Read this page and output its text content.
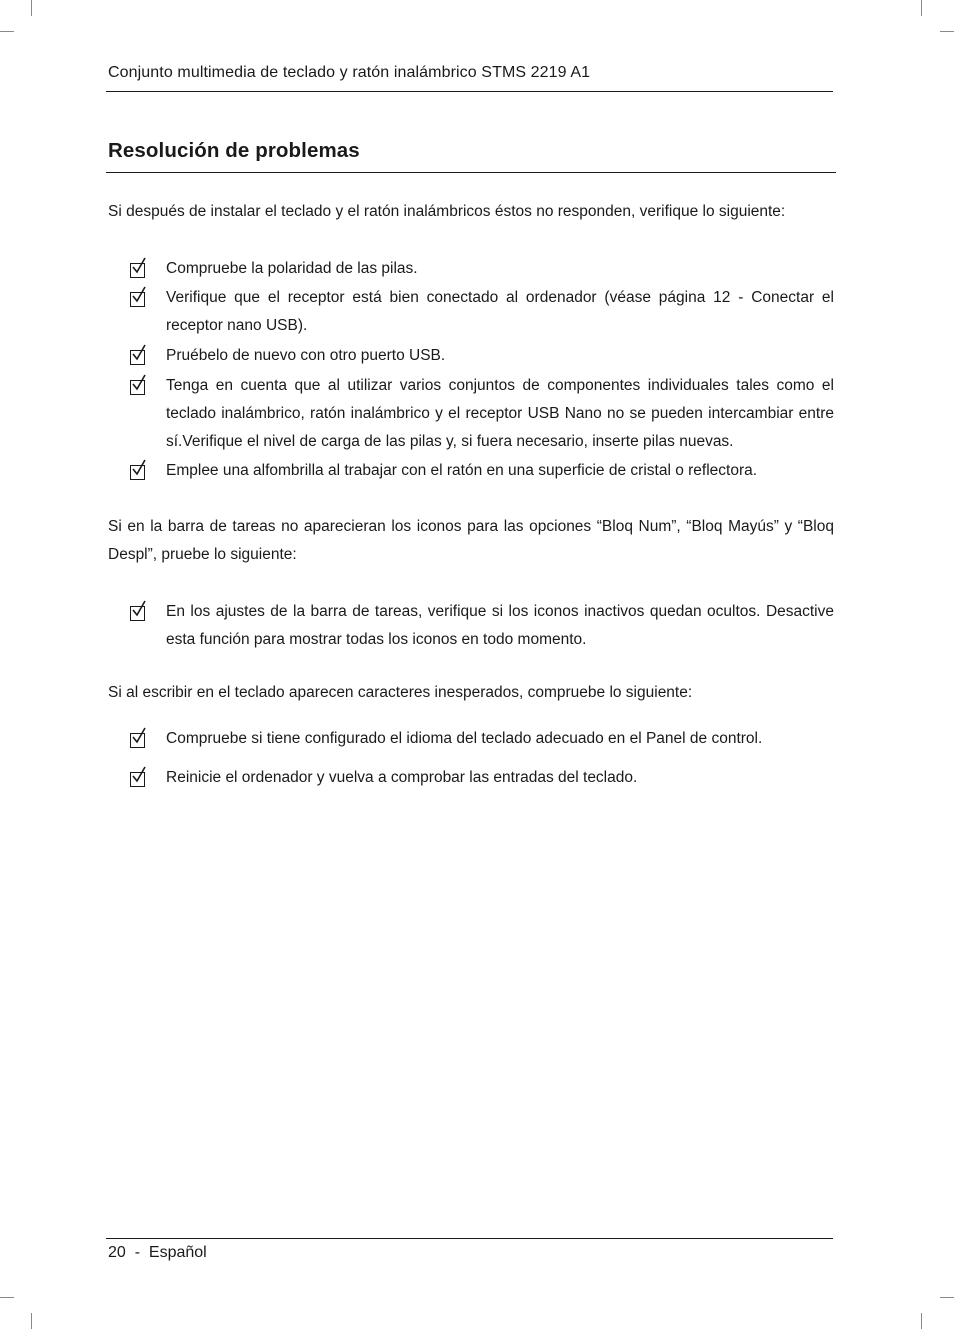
Conjunto multimedia de teclado y ratón inalámbrico STMS 2219 A1
Resolución de problemas
Si después de instalar el teclado y el ratón inalámbricos éstos no responden, verifique lo siguiente:
Compruebe la polaridad de las pilas.
Verifique que el receptor está bien conectado al ordenador (véase página 12 - Conectar el receptor nano USB).
Pruébelo de nuevo con otro puerto USB.
Tenga en cuenta que al utilizar varios conjuntos de componentes individuales tales como el teclado inalámbrico, ratón inalámbrico y el receptor USB Nano no se pueden intercambiar entre sí.Verifique el nivel de carga de las pilas y, si fuera necesario, inserte pilas nuevas.
Emplee una alfombrilla al trabajar con el ratón en una superficie de cristal o reflectora.
Si en la barra de tareas no aparecieran los iconos para las opciones “Bloq Num”, “Bloq Mayús” y “Bloq Despl”, pruebe lo siguiente:
En los ajustes de la barra de tareas, verifique si los iconos inactivos quedan ocultos. Desactive esta función para mostrar todas los iconos en todo momento.
Si al escribir en el teclado aparecen caracteres inesperados, compruebe lo siguiente:
Compruebe si tiene configurado el idioma del teclado adecuado en el Panel de control.
Reinicie el ordenador y vuelva a comprobar las entradas del teclado.
20  -  Español
